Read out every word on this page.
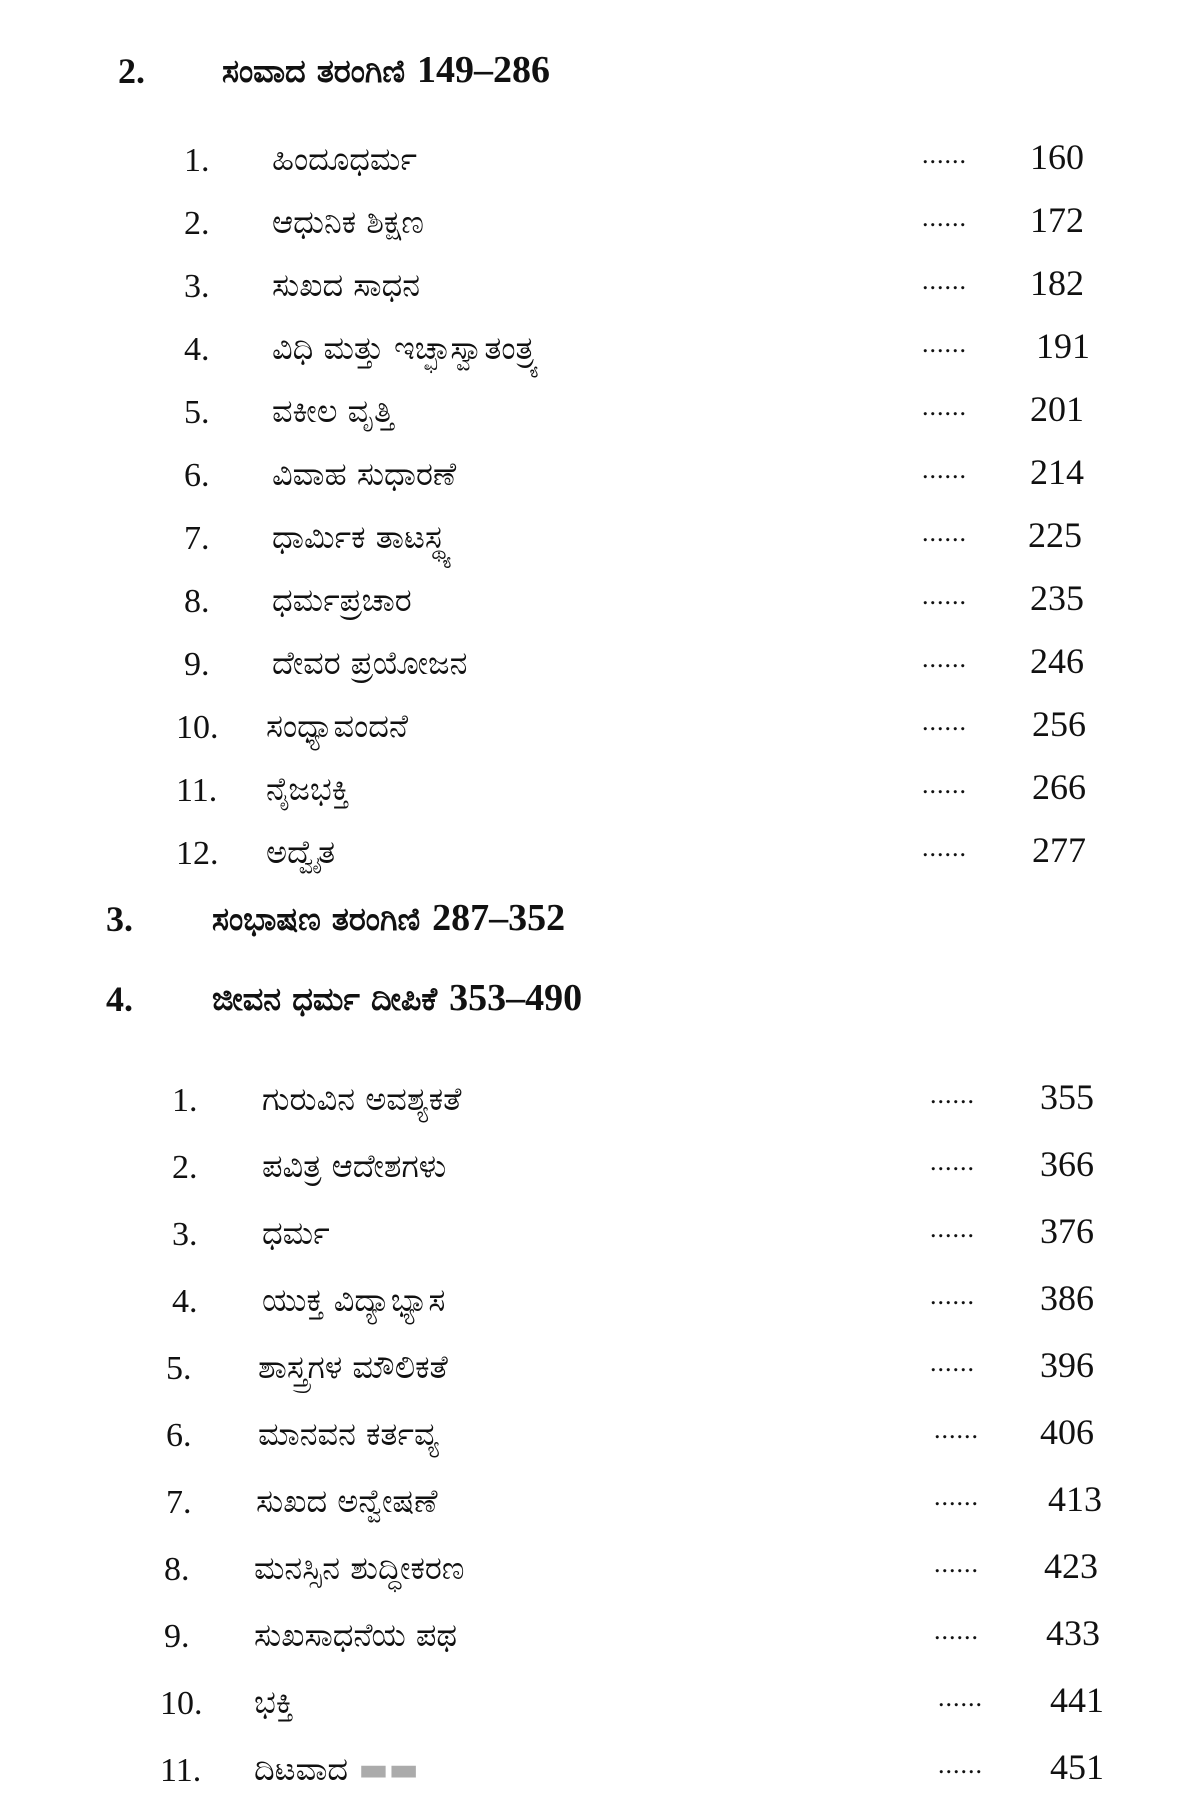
2. ಸಂವಾದ ತರಂಗಿಣಿ 149–286
1.	ಹಿಂದೂಧರ್ಮ	...... 160
2.	ಆಧುನಿಕ ಶಿಕ್ಷಣ	...... 172
3.	ಸುಖದ ಸಾಧನ	...... 182
4.	ವಿಧಿ ಮತ್ತು ಇಚ್ಛಾಸ್ವಾತಂತ್ರ್ಯ	...... 191
5.	ವಕೀಲ ವೃತ್ತಿ	...... 201
6.	ವಿವಾಹ ಸುಧಾರಣೆ	...... 214
7.	ಧಾರ್ಮಿಕ ತಾಟಸ್ಥ್ಯ	...... 225
8.	ಧರ್ಮಪ್ರಚಾರ	...... 235
9.	ದೇವರ ಪ್ರಯೋಜನ	...... 246
10.	ಸಂಧ್ಯಾವಂದನೆ	...... 256
11.	ನೈಜಭಕ್ತಿ	...... 266
12.	ಅದ್ವೈತ	...... 277
3. ಸಂಭಾಷಣ ತರಂಗಿಣಿ 287–352
4. ಜೀವನ ಧರ್ಮ ದೀಪಿಕೆ 353–490
1.	ಗುರುವಿನ ಅವಶ್ಯಕತೆ	...... 355
2.	ಪವಿತ್ರ ಆದೇಶಗಳು	...... 366
3.	ಧರ್ಮ	...... 376
4.	ಯುಕ್ತ ವಿದ್ಯಾಭ್ಯಾಸ	...... 386
5.	ಶಾಸ್ತ್ರಗಳ ಮೌಲಿಕತೆ	...... 396
6.	ಮಾನವನ ಕರ್ತವ್ಯ	...... 406
7.	ಸುಖದ ಅನ್ವೇಷಣೆ	...... 413
8.	ಮನಸ್ಸಿನ ಶುದ್ಧೀಕರಣ	...... 423
9.	ಸುಖಸಾಧನೆಯ ಪಥ	...... 433
10.	ಭಕ್ತಿ	...... 441
11.	ದಿಟವಾದ ▬▬	...... 451
